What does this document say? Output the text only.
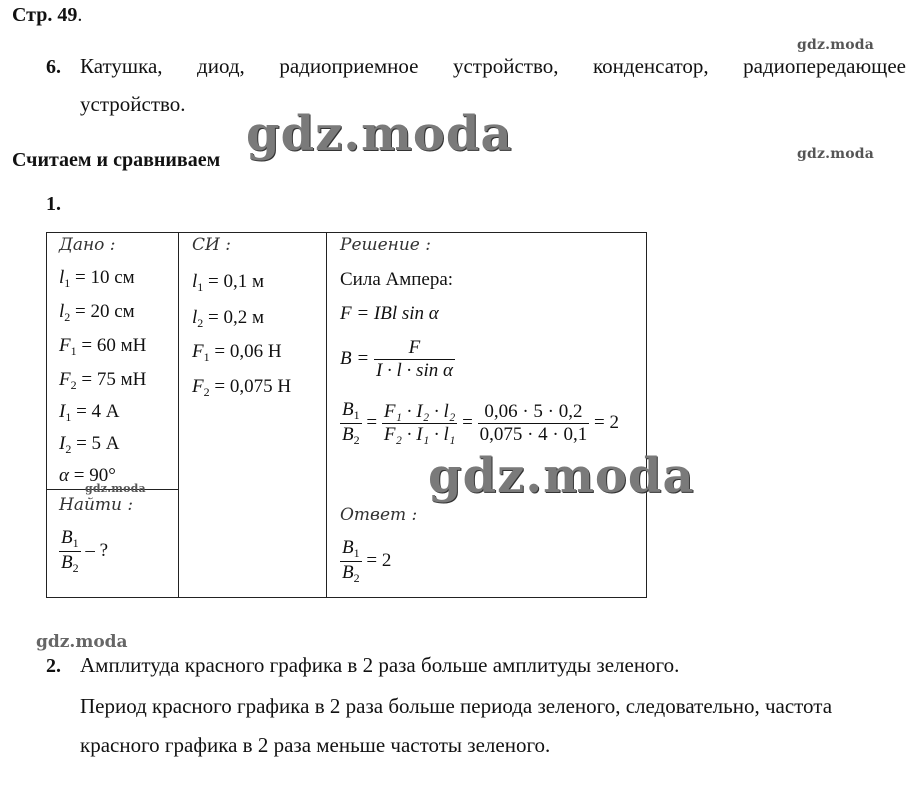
Стр. 49.
gdz.moda
6. Катушка, диод, радиоприемное устройство, конденсатор, радиопередающее
устройство.
gdz.moda
Считаем и сравниваем	gdz.moda
1.
Дано :
$l_1 = 10$ см
$l_2 = 20$ см
$F_1 = 60$ мН
$F_2 = 75$ мН
$I_1 = 4$ А
$I_2 = 5$ А
α = 90°
Найти :
$\frac{B_1}{B_2}$ – ?
СИ :
$l_1 = 0,1$ м
$l_2 = 0,2$ м
$F_1 = 0,06$ Н
$F_2 = 0,075$ Н
Решение :
Сила Ампера:
F = IBl sin α
$B = \frac{F}{\text{I · l · sin α}}$
$\frac{B_1}{B_2} = \frac{\text{F₁ · I₂ · l₂}}{\text{F₂ · I₁ · l₁}} = \frac{0,06 \cdot 5 \cdot 0,2}{0,075 \cdot 4 \cdot 0,1} = 2$
Ответ :
$\frac{B_1}{B_2} = 2$
gdz.moda
gdz.moda
gdz.moda
2. Амплитуда красного графика в 2 раза больше амплитуды зеленого.
Период красного графика в 2 раза больше периода зеленого, следовательно, частота
красного графика в 2 раза меньше частоты зеленого.
